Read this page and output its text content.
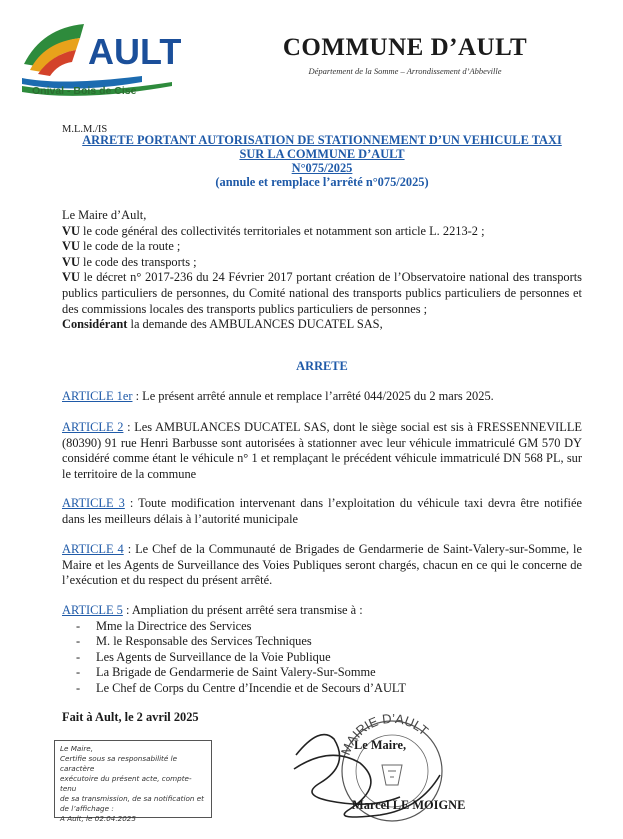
AULT
Onival - Bois de Cise
COMMUNE D’AULT
Département de la Somme – Arrondissement d’Abbeville
M.L.M./IS
ARRETE PORTANT AUTORISATION DE STATIONNEMENT D’UN VEHICULE TAXI
SUR LA COMMUNE D’AULT
N°075/2025
(annule et remplace l’arrêté n°075/2025)

Le Maire d’Ault,

VU le code général des collectivités territoriales et notamment son article L. 2213-2 ;

VU le code de la route ;

VU le code des transports ;

VU le décret n° 2017-236 du 24 Février 2017 portant création de l’Observatoire national des transports publics particuliers de personnes, du Comité national des transports publics particuliers de personnes et des commissions locales des transports publics particuliers de personnes ;

Considérant la demande des AMBULANCES DUCATEL SAS,

ARRETE
ARTICLE 1er : Le présent arrêté annule et remplace l’arrêté 044/2025 du 2 mars 2025.
ARTICLE 2 : Les AMBULANCES DUCATEL SAS, dont le siège social est sis à FRESSENNEVILLE (80390) 91 rue Henri Barbusse sont autorisées à stationner avec leur véhicule immatriculé GM 570 DY considéré comme étant le véhicule n° 1 et remplaçant le précédent véhicule immatriculé DN 568 PL, sur le territoire de la commune
ARTICLE 3 : Toute modification intervenant dans l’exploitation du véhicule taxi devra être notifiée dans les meilleurs délais à l’autorité municipale
ARTICLE 4 : Le Chef de la Communauté de Brigades de Gendarmerie de Saint-Valery-sur-Somme, le Maire et les Agents de Surveillance des Voies Publiques seront chargés, chacun en ce qui le concerne de l’exécution et du respect du présent arrêté.
ARTICLE 5 : Ampliation du présent arrêté sera transmise à :
- Mme la Directrice des Services
- M. le Responsable des Services Techniques
- Les Agents de Surveillance de la Voie Publique
- La Brigade de Gendarmerie de Saint Valery-Sur-Somme
- Le Chef de Corps du Centre d’Incendie et de Secours d’AULT
Fait à Ault, le 2 avril 2025
Le Maire,
Certifie sous sa responsabilité le caractère
exécutoire du présent acte, compte-tenu
de sa transmission, de sa notification et
de l’affichage :
A Ault, le 02.04.2025
MAIRIE D’AULT
Le Maire,
Marcel LE MOIGNE
